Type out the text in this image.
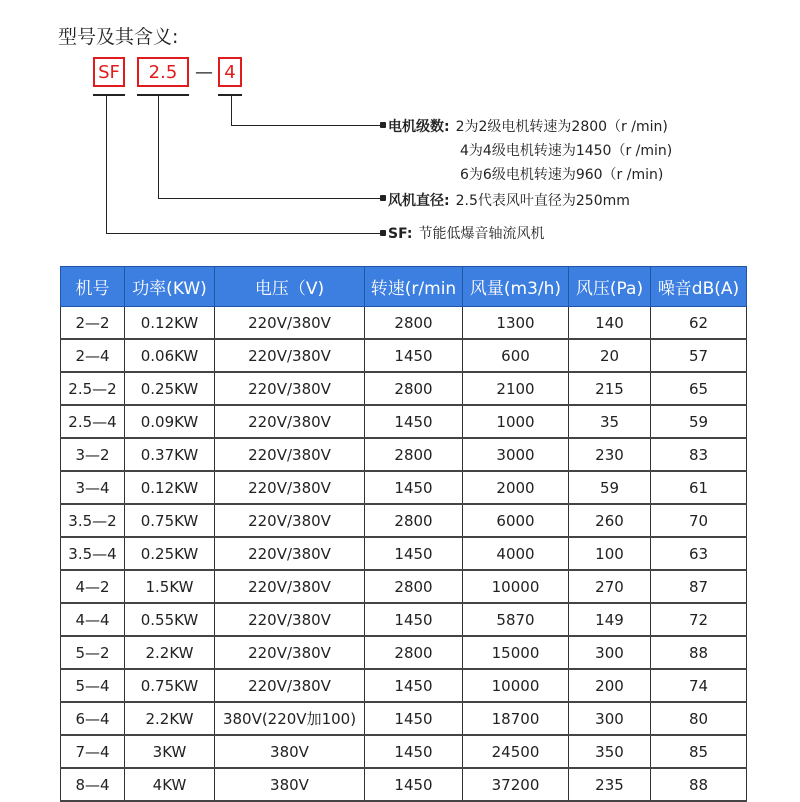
型号及其含义:
SF	2.5 — 4
电机级数: 2为2级电机转速为2800（r /min)
4为4级电机转速为1450（r /min)
6为6级电机转速为960（r /min)
风机直径: 2.5代表风叶直径为250mm
SF: 节能低爆音轴流风机
机号	功率(KW)	电压（V)	转速(r/min	风量(m3/h)	风压(Pa)	噪音dB(A)
2—2	0.12KW	220V/380V	2800	1300	140	62
2—4	0.06KW	220V/380V	1450	600	20	57
2.5—2	0.25KW	220V/380V	2800	2100	215	65
2.5—4	0.09KW	220V/380V	1450	1000	35	59
3—2	0.37KW	220V/380V	2800	3000	230	83
3—4	0.12KW	220V/380V	1450	2000	59	61
3.5—2	0.75KW	220V/380V	2800	6000	260	70
3.5—4	0.25KW	220V/380V	1450	4000	100	63
4—2	1.5KW	220V/380V	2800	10000	270	87
4—4	0.55KW	220V/380V	1450	5870	149	72
5—2	2.2KW	220V/380V	2800	15000	300	88
5—4	0.75KW	220V/380V	1450	10000	200	74
6—4	2.2KW	380V(220V加100)	1450	18700	300	80
7—4	3KW	380V	1450	24500	350	85
8—4	4KW	380V	1450	37200	235	88
